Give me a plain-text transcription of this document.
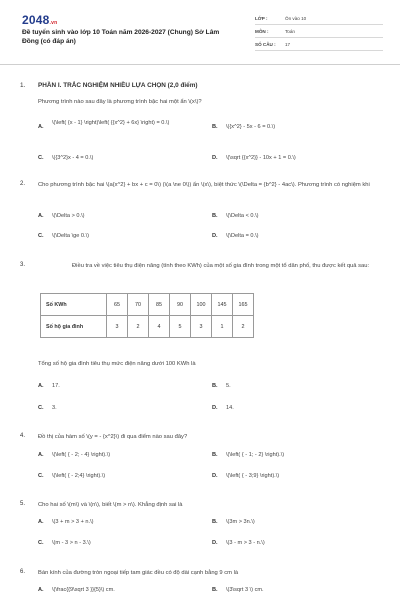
2048.vn
Đề tuyển sinh vào lớp 10 Toán năm 2026-2027 (Chung) Sở Lâm Đồng (có đáp án)
LỚP :	Ôn vào 10
MÔN :	Toán
SỐ CÂU : 17
1. PHẦN I. TRẮC NGHIỆM NHIỀU LỰA CHỌN (2,0 điểm)
Phương trình nào sau đây là phương trình bậc hai một ẩn \(x\)?
A.
\(\left( {x - 1} \right)\left( {{x^2} + 6x} \right) = 0.\)
B. \({x^2} - 5x - 6 = 0.\)
C. \({3^2}x - 4 = 0.\)	D. \(\sqrt {{x^2}} - 10x + 1 = 0.\)
2. Cho phương trình bậc hai \(a{x^2} + bx + c = 0\) (\(a \ne 0\)) ẩn \(x\), biệt thức \(\Delta = {b^2} - 4ac\). Phương trình có nghiệm khi
A. \(\Delta > 0.\)	B. \(\Delta < 0.\)
C. \(\Delta \ge 0.\)	D. \(\Delta = 0.\)
3.	Điều tra về việc tiêu thụ điện năng (tính theo KWh) của một số gia đình trong một tổ dân phố, thu được kết quả sau:
Số KWh	65	70	85	90	100	145	165
Số hộ gia đình	3	2	4	5	3	1	2
Tổng số hộ gia đình tiêu thụ mức điện năng dưới 100 KWh là
A. 17.	B. 5.
C. 3.	D. 14.
4. Đồ thị của hàm số \(y = - {x^2}\) đi qua điểm nào sau đây?
A. \(\left( { - 2; - 4} \right).\)	B. \(\left( { - 1; - 2} \right).\)
C. \(\left( { - 2;4} \right).\)	D. \(\left( { - 3;9} \right).\)
5. Cho hai số \(m\) và \(n\), biết \(m > n\). Khẳng định sai là
A. \(3 + m > 3 + n.\)	B. \(3m > 3n.\)
C. \(m - 3 > n - 3.\)	D. \(3 - m > 3 - n.\)
6. Bán kính của đường tròn ngoại tiếp tam giác đều có độ dài cạnh bằng 9 cm là
A. \(\frac{{9\sqrt 3 }}{5}\) cm.	B. \(3\sqrt 3 \) cm.
